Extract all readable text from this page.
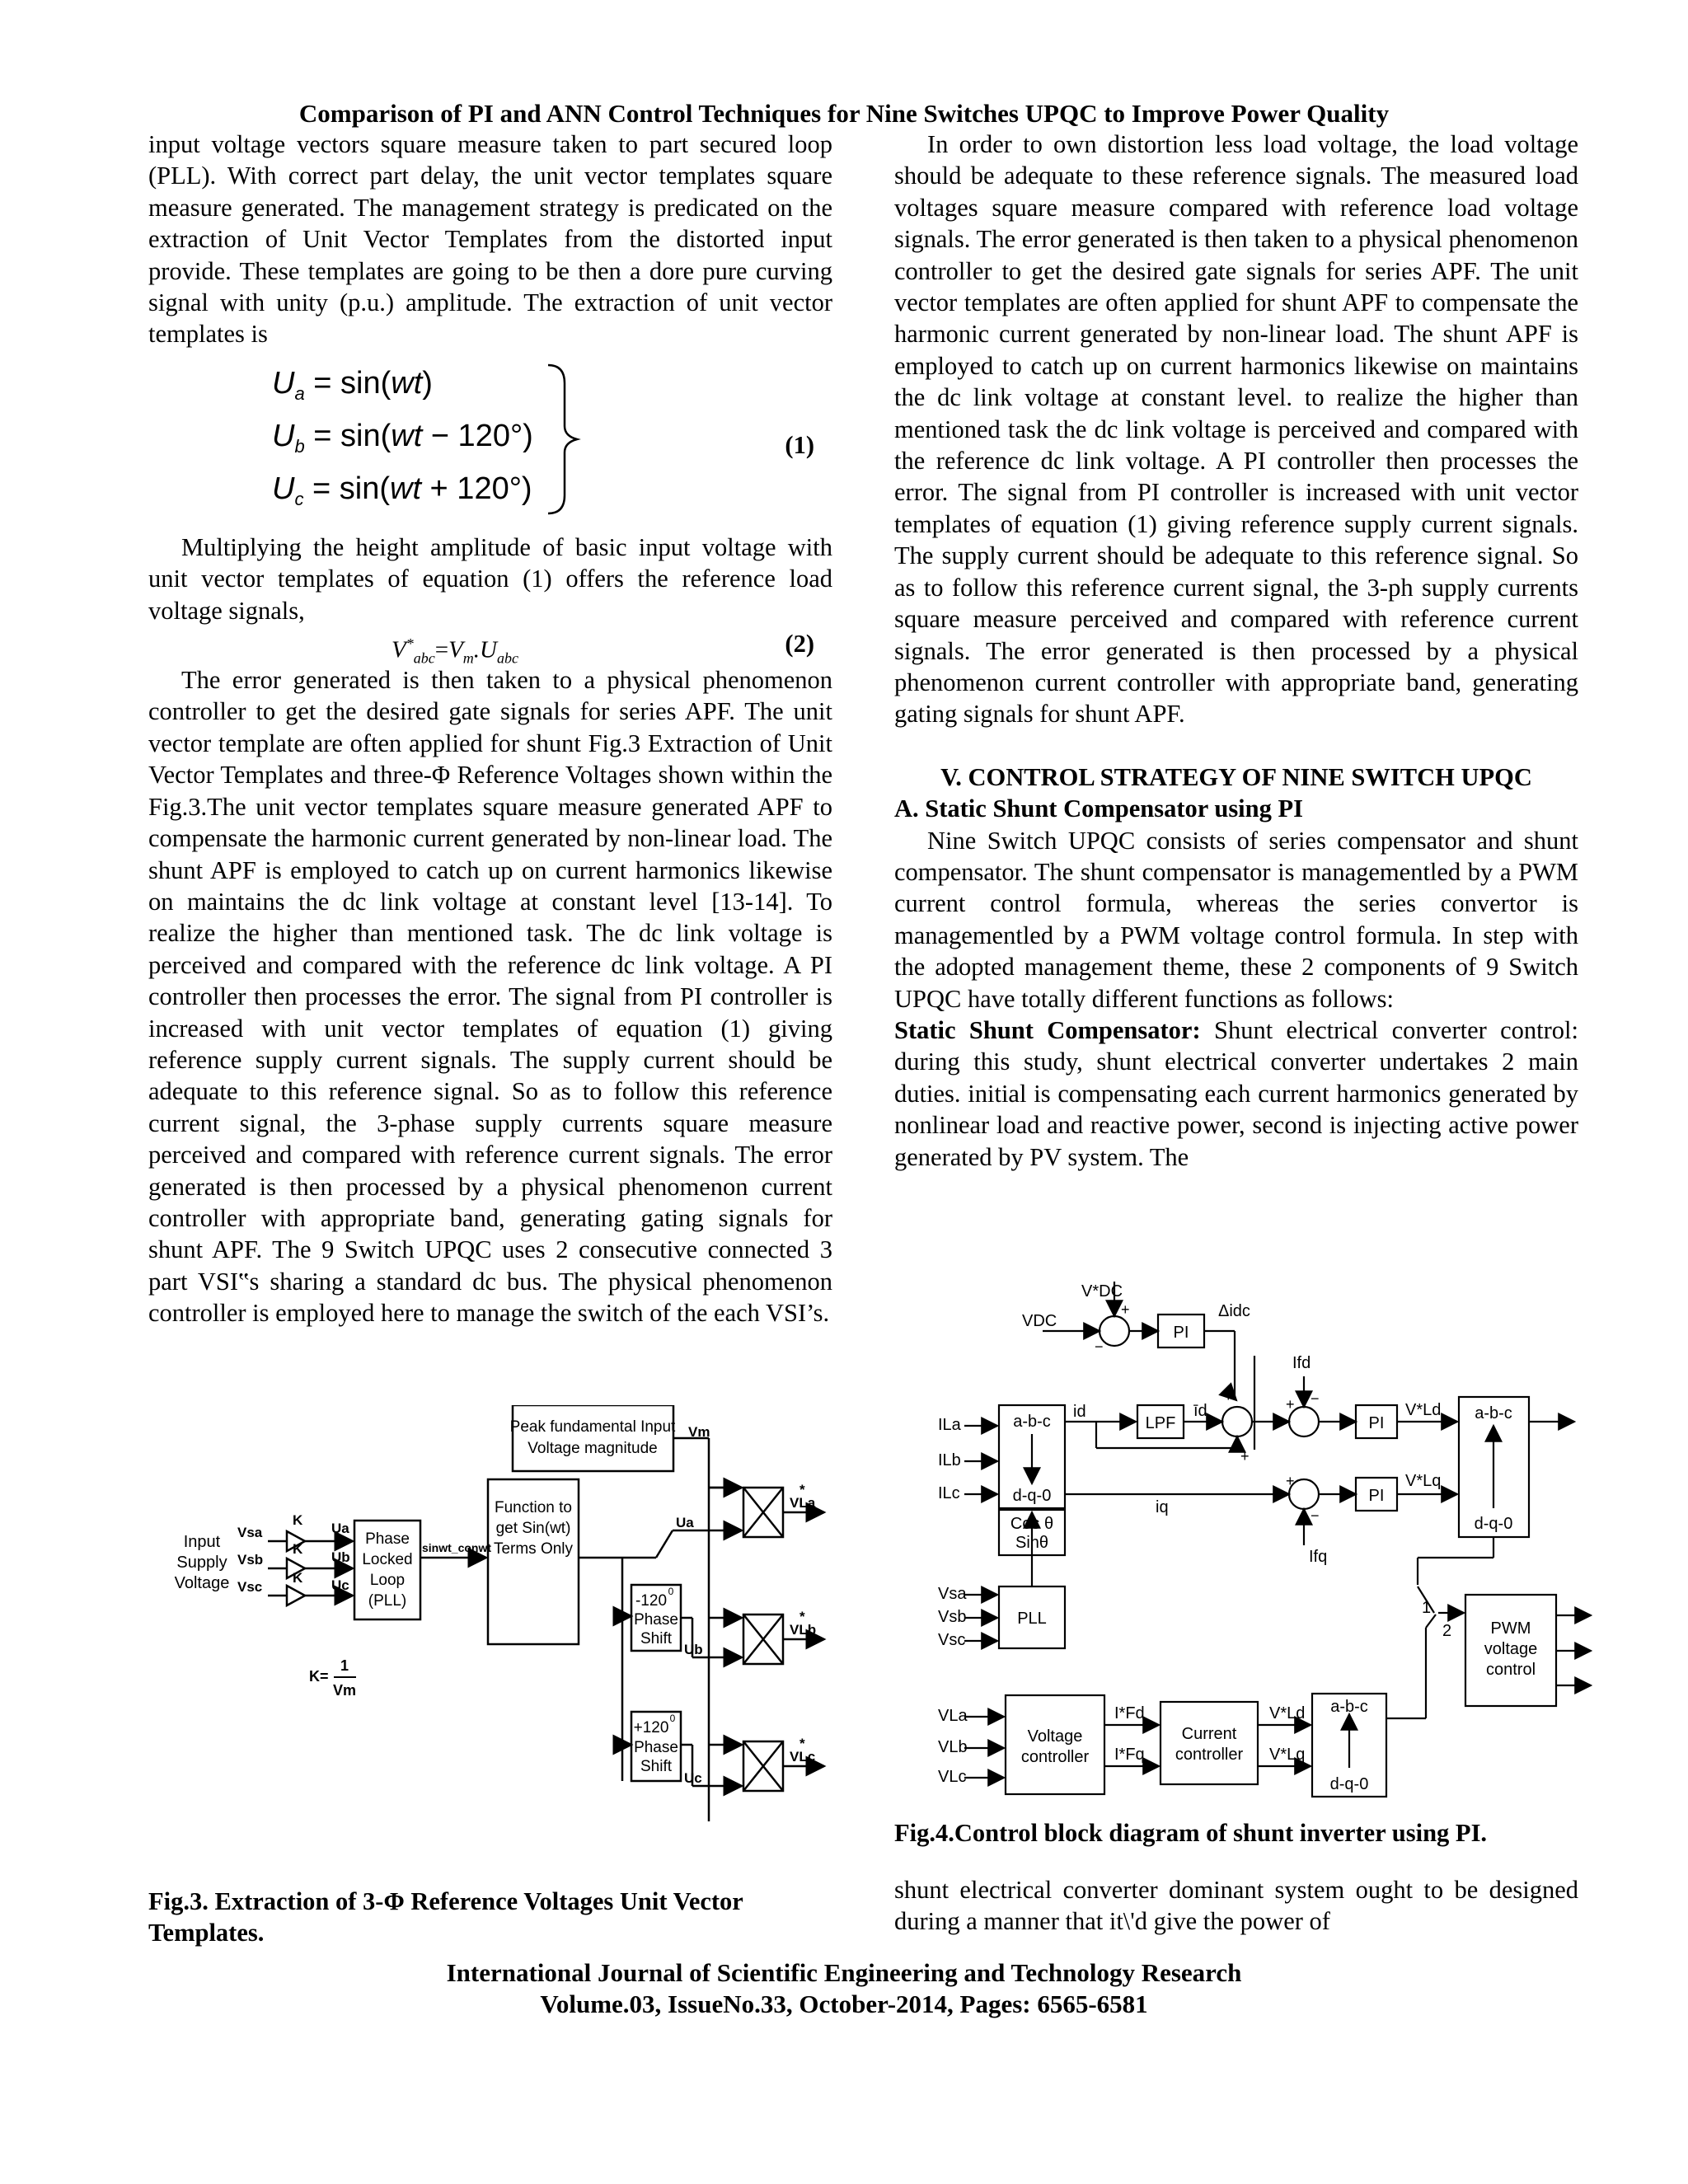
Comparison of PI and ANN Control Techniques for Nine Switches UPQC to Improve Power Quality

input voltage vectors square measure taken to part secured loop (PLL). With correct part delay, the unit vector templates square measure generated. The management strategy is predicated on the extraction of Unit Vector Templates from the distorted input provide. These templates are going to be then a dore pure curving signal with unity (p.u.) amplitude. The extraction of unit vector templates is

$U_a = \sin(wt)$
$U_b = \sin(wt - 120^\circ)$
$U_c = \sin(wt + 120^\circ)$
(1)

Multiplying the height amplitude of basic input voltage with unit vector templates of equation (1) offers the reference load voltage signals,

$V^*_{abc}=V_m.U_{abc}$
(2)

The error generated is then taken to a physical phenomenon controller to get the desired gate signals for series APF. The unit vector template are often applied for shunt Fig.3 Extraction of Unit Vector Templates and three-Φ Reference Voltages shown within the Fig.3.The unit vector templates square measure generated APF to compensate the harmonic current generated by non-linear load. The shunt APF is employed to catch up on current harmonics likewise on maintains the dc link voltage at constant level [13-14]. To realize the higher than mentioned task. The dc link voltage is perceived and compared with the reference dc link voltage. A PI controller then processes the error. The signal from PI controller is increased with unit vector templates of equation (1) giving reference supply current signals. The supply current should be adequate to this reference signal. So as to follow this reference current signal, the 3-phase supply currents square measure perceived and compared with reference current signals. The error generated is then processed by a physical phenomenon current controller with appropriate band, generating gating signals for shunt APF. The 9 Switch UPQC uses 2 consecutive connected 3 part VSI‟s sharing a standard dc bus. The physical phenomenon controller is employed here to manage the switch of the each VSI’s.

In order to own distortion less load voltage, the load voltage should be adequate to these reference signals. The measured load voltages square measure compared with reference load voltage signals. The error generated is then taken to a physical phenomenon controller to get the desired gate signals for series APF. The unit vector templates are often applied for shunt APF to compensate the harmonic current generated by non-linear load. The shunt APF is employed to catch up on current harmonics likewise on maintains the dc link voltage at constant level. to realize the higher than mentioned task the dc link voltage is perceived and compared with the reference dc link voltage. A PI controller then processes the error. The signal from PI controller is increased with unit vector templates of equation (1) giving reference supply current signals. The supply current should be adequate to this reference signal. So as to follow this reference current signal, the 3-ph supply currents square measure perceived and compared with reference current signals. The error generated is then processed by a physical phenomenon current controller with appropriate band, generating gating signals for shunt APF.

V. CONTROL STRATEGY OF NINE SWITCH UPQC

A. Static Shunt Compensator using PI

Nine Switch UPQC consists of series compensator and shunt compensator. The shunt compensator is managementled by a PWM current control formula, whereas the series convertor is managementled by a PWM voltage control formula. In step with the adopted management theme, these 2 components of 9 Switch UPQC have totally different functions as follows:

Static Shunt Compensator: Shunt electrical converter control: during this study, shunt electrical converter undertakes 2 main duties. initial is compensating each current harmonics generated by nonlinear load and reactive power, second is injecting active power generated by PV system. The

Input
Supply
Voltage
Vsa
Vsb
Vsc
K
K
K
Ua
Ub
Uc
sinwt_conwt
Vm
Ua
Ub
Uc
VLa
VLb
VLc
*
*
*
Phase
Locked
Loop
(PLL)
Function to
get Sin(wt)
Terms Only
Peak fundamental Input
Voltage magnitude
-120
0
Phase
Shift
+120
0
Phase
Shift
K=
1
Vm
Fig.3. Extraction of 3-Φ Reference Voltages Unit Vector Templates.
V*DC
VDC
PI
Δidc
Ifd
Ifq
ILa
ILb
ILc
a-b-c
d-q-0
id
LPF
īd
iq
PI
PI
V*Ld
V*Lq
a-b-c
d-q-0
Cos θ
Sinθ
PLL
Vsa
Vsb
Vsc
1
2 PWM
voltage
control
VLa
VLb
VLc
Voltage
controller
I*Fd
I*Fq
Current
controller
V*Ld
V*Lq
a-b-c
d-q-0
+
−
+
+
+ −
+
−
Fig.4.Control block diagram of shunt inverter using PI.

shunt electrical converter dominant system ought to be designed during a manner that it\'d give the power of

International Journal of Scientific Engineering and Technology Research
Volume.03, IssueNo.33, October-2014, Pages: 6565-6581
